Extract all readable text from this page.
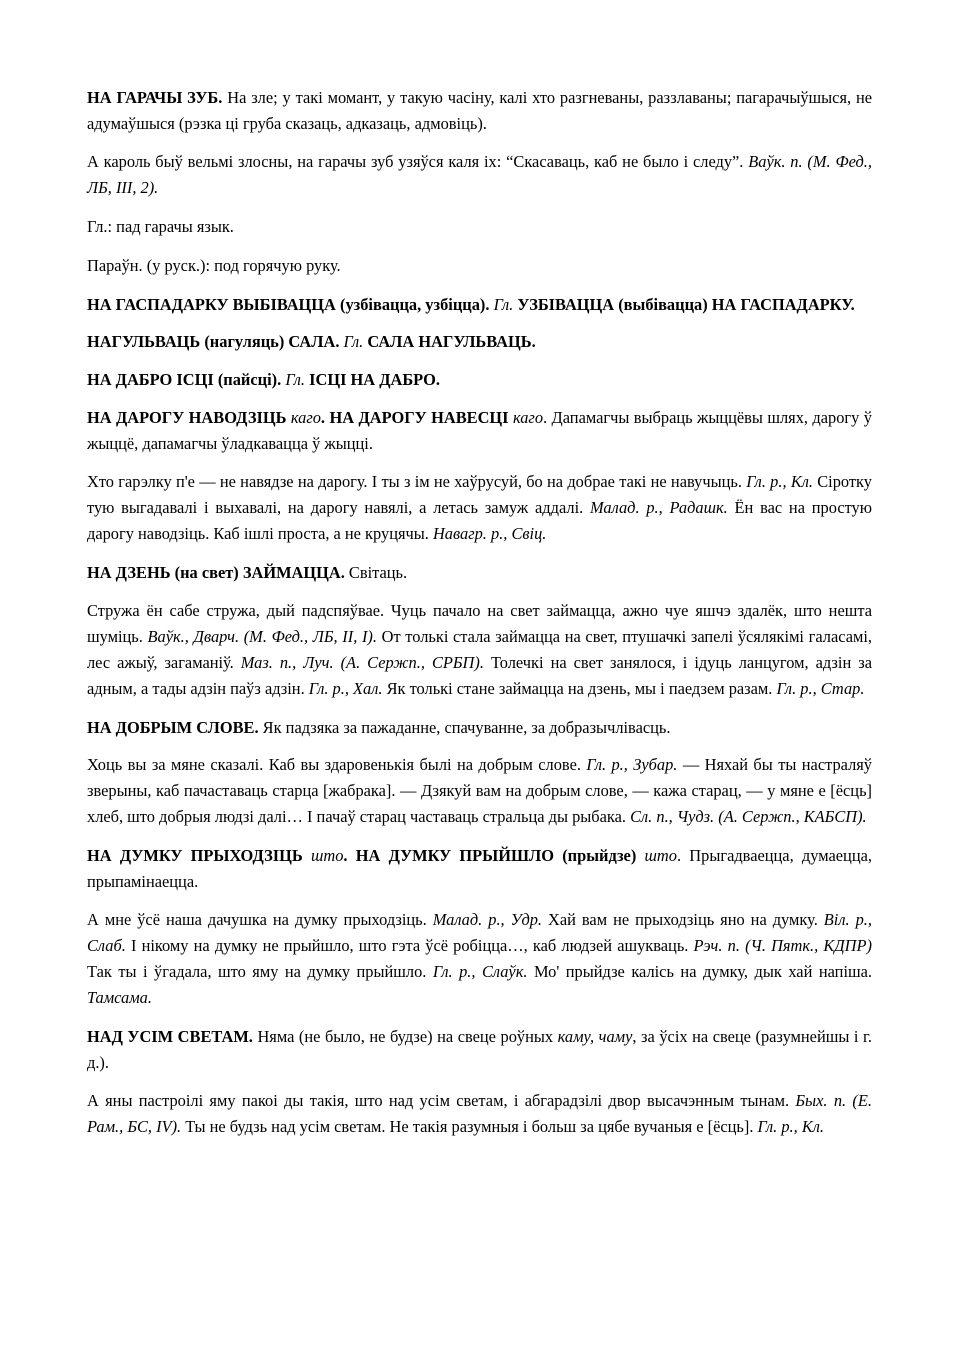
НА ГАРАЧЫ ЗУБ. На зле; у такі момант, у такую часіну, калі хто разгневаны, раззлаваны; пагарачыўшыся, не адумаўшыся (рэзка ці груба сказаць, адказаць, адмовіць).

А кароль быў вельмі злосны, на гарачы зуб узяўся каля іх: “Скасаваць, каб не было і следу”. Ваўк. п. (М. Фед., ЛБ, III, 2).

Гл.: пад гарачы язык.

Параўн. (у руск.): под горячую руку.

НА ГАСПАДАРКУ ВЫБІВАЦЦА (узбівацца, узбіцца). Гл. УЗБІВАЦЦА (выбівацца) НА ГАСПАДАРКУ.

НАГУЛЬВАЦЬ (нагуляць) САЛА. Гл. САЛА НАГУЛЬВАЦЬ.

НА ДАБРО ІСЦІ (пайсці). Гл. ІСЦІ НА ДАБРО.

НА ДАРОГУ НАВОДЗІЦЬ каго. НА ДАРОГУ НАВЕСЦІ каго. Дапамагчы выбраць жыццёвы шлях, дарогу ў жыццё, дапамагчы ўладкавацца ў жыцці.

Хто гарэлку п'е — не навядзе на дарогу. І ты з ім не хаўрусуй, бо на добрае такі не навучыць. Гл. р., Кл. Сіротку тую выгадавалі і выхавалі, на дарогу навялі, а летась замуж аддалі. Малад. р., Радашк. Ён вас на простую дарогу наводзіць. Каб ішлі проста, а не круцячы. Навагр. р., Свіц.

НА ДЗЕНЬ (на свет) ЗАЙМАЦЦА. Світаць.

Стружа ён сабе стружа, дый падспяўвае. Чуць пачало на свет займацца, ажно чуе яшчэ здалёк, што нешта шуміць. Ваўк., Дварч. (М. Фед., ЛБ, II, I). От толькі стала займацца на свет, птушачкі запелі ўсялякімі галасамі, лес ажыў, загаманіў. Маз. п., Луч. (А. Сержп., СРБП). Толечкі на свет занялося, і ідуць ланцугом, адзін за адным, а тады адзін паўз адзін. Гл. р., Хал. Як толькі стане займацца на дзень, мы і паедзем разам. Гл. р., Стар.

НА ДОБРЫМ СЛОВЕ. Як падзяка за пажаданне, спачуванне, за добразычлівасць.

Хоць вы за мяне сказалі. Каб вы здаровенькія былі на добрым слове. Гл. р., Зубар. — Няхай бы ты настраляў зверыны, каб пачаставаць старца [жабрака]. — Дзякуй вам на добрым слове, — кажа старац, — у мяне е [ёсць] хлеб, што добрыя людзі далі… І пачаў старац частаваць стральца ды рыбака. Сл. п., Чудз. (А. Сержп., КАБСП).

НА ДУМКУ ПРЫХОДЗІЦЬ што. НА ДУМКУ ПРЫЙШЛО (прыйдзе) што. Прыгадваецца, думаецца, прыпамінаецца.

А мне ўсё наша дачушка на думку прыходзіць. Малад. р., Удр. Хай вам не прыходзіць яно на думку. Віл. р., Слаб. І нікому на думку не прыйшло, што гэта ўсё робіцца…, каб людзей ашукваць. Рэч. п. (Ч. Пятк., КДПР) Так ты і ўгадала, што яму на думку прыйшло. Гл. р., Слаўк. Мо' прыйдзе калісь на думку, дык хай напіша. Тамсама.

НАД УСІМ СВЕТАМ. Няма (не было, не будзе) на свеце роўных каму, чаму, за ўсіх на свеце (разумнейшы і г. д.).

А яны пастроілі яму пакоі ды такія, што над усім светам, і абгарадзілі двор высачэнным тынам. Бых. п. (Е. Рам., БС, IV). Ты не будзь над усім светам. Не такія разумныя і больш за цябе вучаныя е [ёсць]. Гл. р., Кл.
